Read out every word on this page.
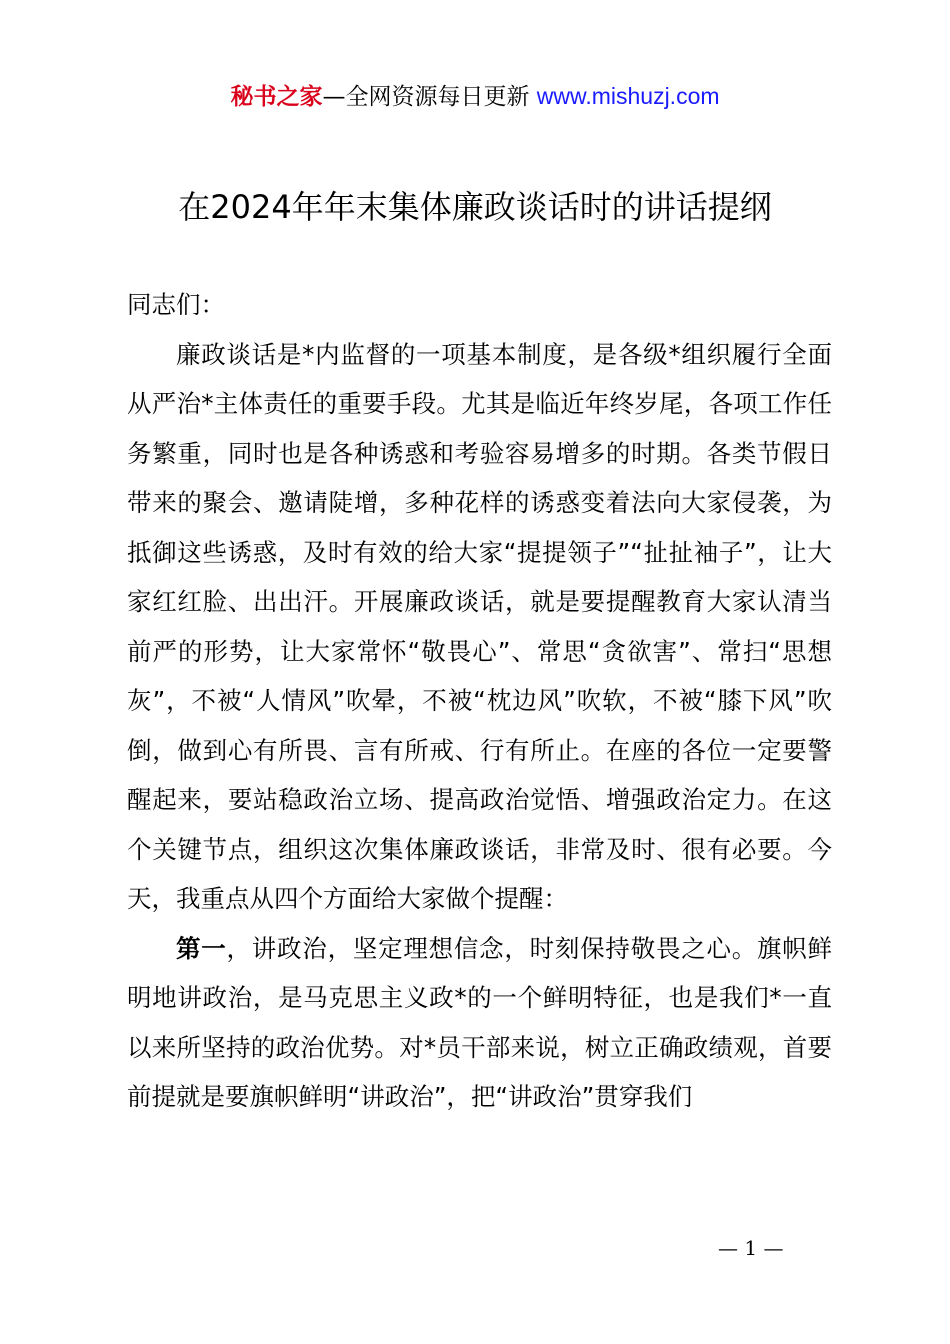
秘书之家—全网资源每日更新 www.mishuzj.com
在2024年年末集体廉政谈话时的讲话提纲

同志们：

廉政谈话是*内监督的一项基本制度，是各级*组织履行全面从严治*主体责任的重要手段。尤其是临近年终岁尾，各项工作任务繁重，同时也是各种诱惑和考验容易增多的时期。各类节假日带来的聚会、邀请陡增，多种花样的诱惑变着法向大家侵袭，为抵御这些诱惑，及时有效的给大家“提提领子”“扯扯袖子”，让大家红红脸、出出汗。开展廉政谈话，就是要提醒教育大家认清当前严的形势，让大家常怀“敬畏心”、常思“贪欲害”、常扫“思想灰”，不被“人情风”吹晕，不被“枕边风”吹软，不被“膝下风”吹倒，做到心有所畏、言有所戒、行有所止。在座的各位一定要警醒起来，要站稳政治立场、提高政治觉悟、增强政治定力。在这个关键节点，组织这次集体廉政谈话，非常及时、很有必要。今天，我重点从四个方面给大家做个提醒：

第一，讲政治，坚定理想信念，时刻保持敬畏之心。旗帜鲜明地讲政治，是马克思主义政*的一个鲜明特征，也是我们*一直以来所坚持的政治优势。对*员干部来说，树立正确政绩观，首要前提就是要旗帜鲜明“讲政治”，把“讲政治”贯穿我们

— 1 —
